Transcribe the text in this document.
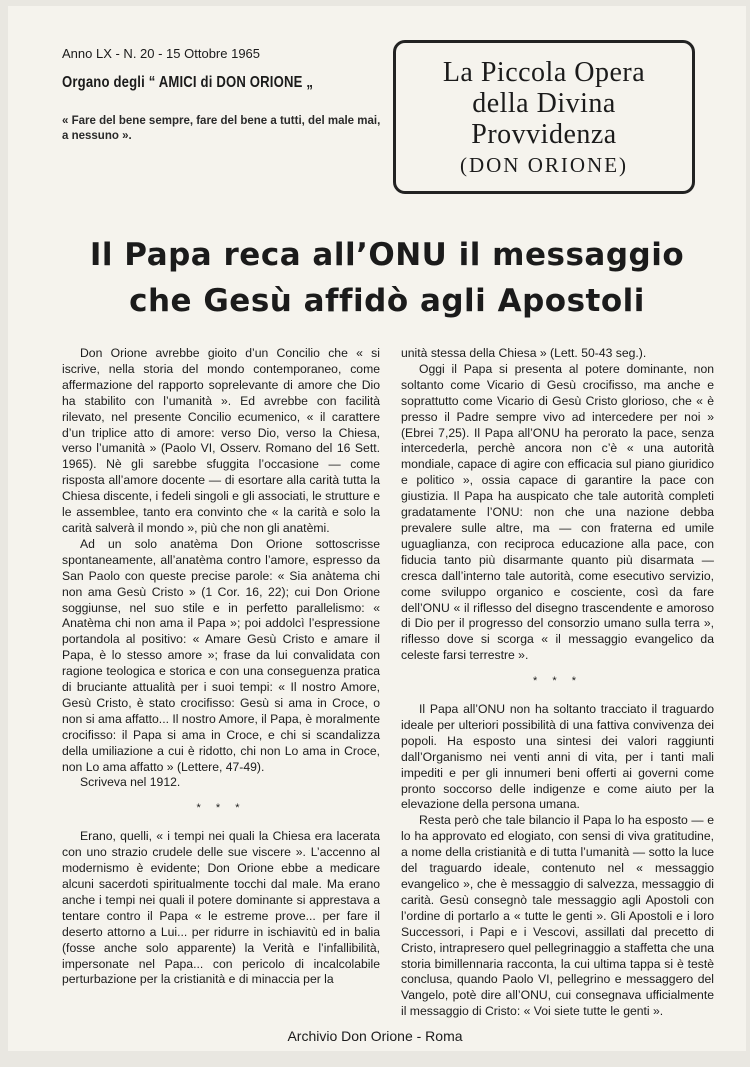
Anno LX - N. 20 - 15 Ottobre 1965
Organo degli “ AMICI di DON ORIONE „
« Fare del bene sempre, fare del bene a tutti, del male mai, a nessuno ».
La Piccola Opera
della Divina
Provvidenza
(DON ORIONE)
Il Papa reca all’ONU il messaggio
che Gesù affidò agli Apostoli

Don Orione avrebbe gioito d’un Concilio che « si iscrive, nella storia del mondo contemporaneo, come affermazione del rapporto soprelevante di amore che Dio ha stabilito con l’umanità ». Ed avrebbe con facilità rilevato, nel presente Concilio ecumenico, « il carattere d’un triplice atto di amore: verso Dio, verso la Chiesa, verso l’umanità » (Paolo VI, Osserv. Romano del 16 Sett. 1965). Nè gli sarebbe sfuggita l’occasione — come risposta all’amore docente — di esortare alla carità tutta la Chiesa discente, i fedeli singoli e gli associati, le strutture e le assemblee, tanto era convinto che « la carità e solo la carità salverà il mondo », più che non gli anatèmi.

Ad un solo anatèma Don Orione sottoscrisse spontaneamente, all’anatèma contro l’amore, espresso da San Paolo con queste precise parole: « Sia anàtema chi non ama Gesù Cristo » (1 Cor. 16, 22); cui Don Orione soggiunse, nel suo stile e in perfetto parallelismo: « Anatèma chi non ama il Papa »; poi addolcì l’espressione portandola al positivo: « Amare Gesù Cristo e amare il Papa, è lo stesso amore »; frase da lui convalidata con ragione teologica e storica e con una conseguenza pratica di bruciante attualità per i suoi tempi: « Il nostro Amore, Gesù Cristo, è stato crocifisso: Gesù si ama in Croce, o non si ama affatto... Il nostro Amore, il Papa, è moralmente crocifisso: il Papa si ama in Croce, e chi si scandalizza della umiliazione a cui è ridotto, chi non Lo ama in Croce, non Lo ama affatto » (Lettere, 47-49).

Scriveva nel 1912.

* * *

Erano, quelli, « i tempi nei quali la Chiesa era lacerata con uno strazio crudele delle sue viscere ». L’accenno al modernismo è evidente; Don Orione ebbe a medicare alcuni sacerdoti spiritualmente tocchi dal male. Ma erano anche i tempi nei quali il potere dominante si apprestava a tentare contro il Papa « le estreme prove... per fare il deserto attorno a Lui... per ridurre in ischiavitù ed in balia (fosse anche solo apparente) la Verità e l’infallibilità, impersonate nel Papa... con pericolo di incalcolabile perturbazione per la cristianità e di minaccia per la

unità stessa della Chiesa » (Lett. 50-43 seg.).

Oggi il Papa si presenta al potere dominante, non soltanto come Vicario di Gesù crocifisso, ma anche e soprattutto come Vicario di Gesù Cristo glorioso, che « è presso il Padre sempre vivo ad intercedere per noi » (Ebrei 7,25). Il Papa all’ONU ha perorato la pace, senza intercederla, perchè ancora non c’è « una autorità mondiale, capace di agire con efficacia sul piano giuridico e politico », ossia capace di garantire la pace con giustizia. Il Papa ha auspicato che tale autorità completi gradatamente l’ONU: non che una nazione debba prevalere sulle altre, ma — con fraterna ed umile uguaglianza, con reciproca educazione alla pace, con fiducia tanto più disarmante quanto più disarmata — cresca dall’interno tale autorità, come esecutivo servizio, come sviluppo organico e cosciente, così da fare dell’ONU « il riflesso del disegno trascendente e amoroso di Dio per il progresso del consorzio umano sulla terra », riflesso dove si scorga « il messaggio evangelico da celeste farsi terrestre ».

* * *

Il Papa all’ONU non ha soltanto tracciato il traguardo ideale per ulteriori possibilità di una fattiva convivenza dei popoli. Ha esposto una sintesi dei valori raggiunti dall’Organismo nei venti anni di vita, per i tanti mali impediti e per gli innumeri beni offerti ai governi come pronto soccorso delle indigenze e come aiuto per la elevazione della persona umana.

Resta però che tale bilancio il Papa lo ha esposto — e lo ha approvato ed elogiato, con sensi di viva gratitudine, a nome della cristianità e di tutta l’umanità — sotto la luce del traguardo ideale, contenuto nel « messaggio evangelico », che è messaggio di salvezza, messaggio di carità. Gesù consegnò tale messaggio agli Apostoli con l’ordine di portarlo a « tutte le genti ». Gli Apostoli e i loro Successori, i Papi e i Vescovi, assillati dal precetto di Cristo, intrapresero quel pellegrinaggio a staffetta che una storia bimillennaria racconta, la cui ultima tappa si è testè conclusa, quando Paolo VI, pellegrino e messaggero del Vangelo, potè dire all’ONU, cui consegnava ufficialmente il messaggio di Cristo: « Voi siete tutte le genti ».

Archivio Don Orione - Roma
